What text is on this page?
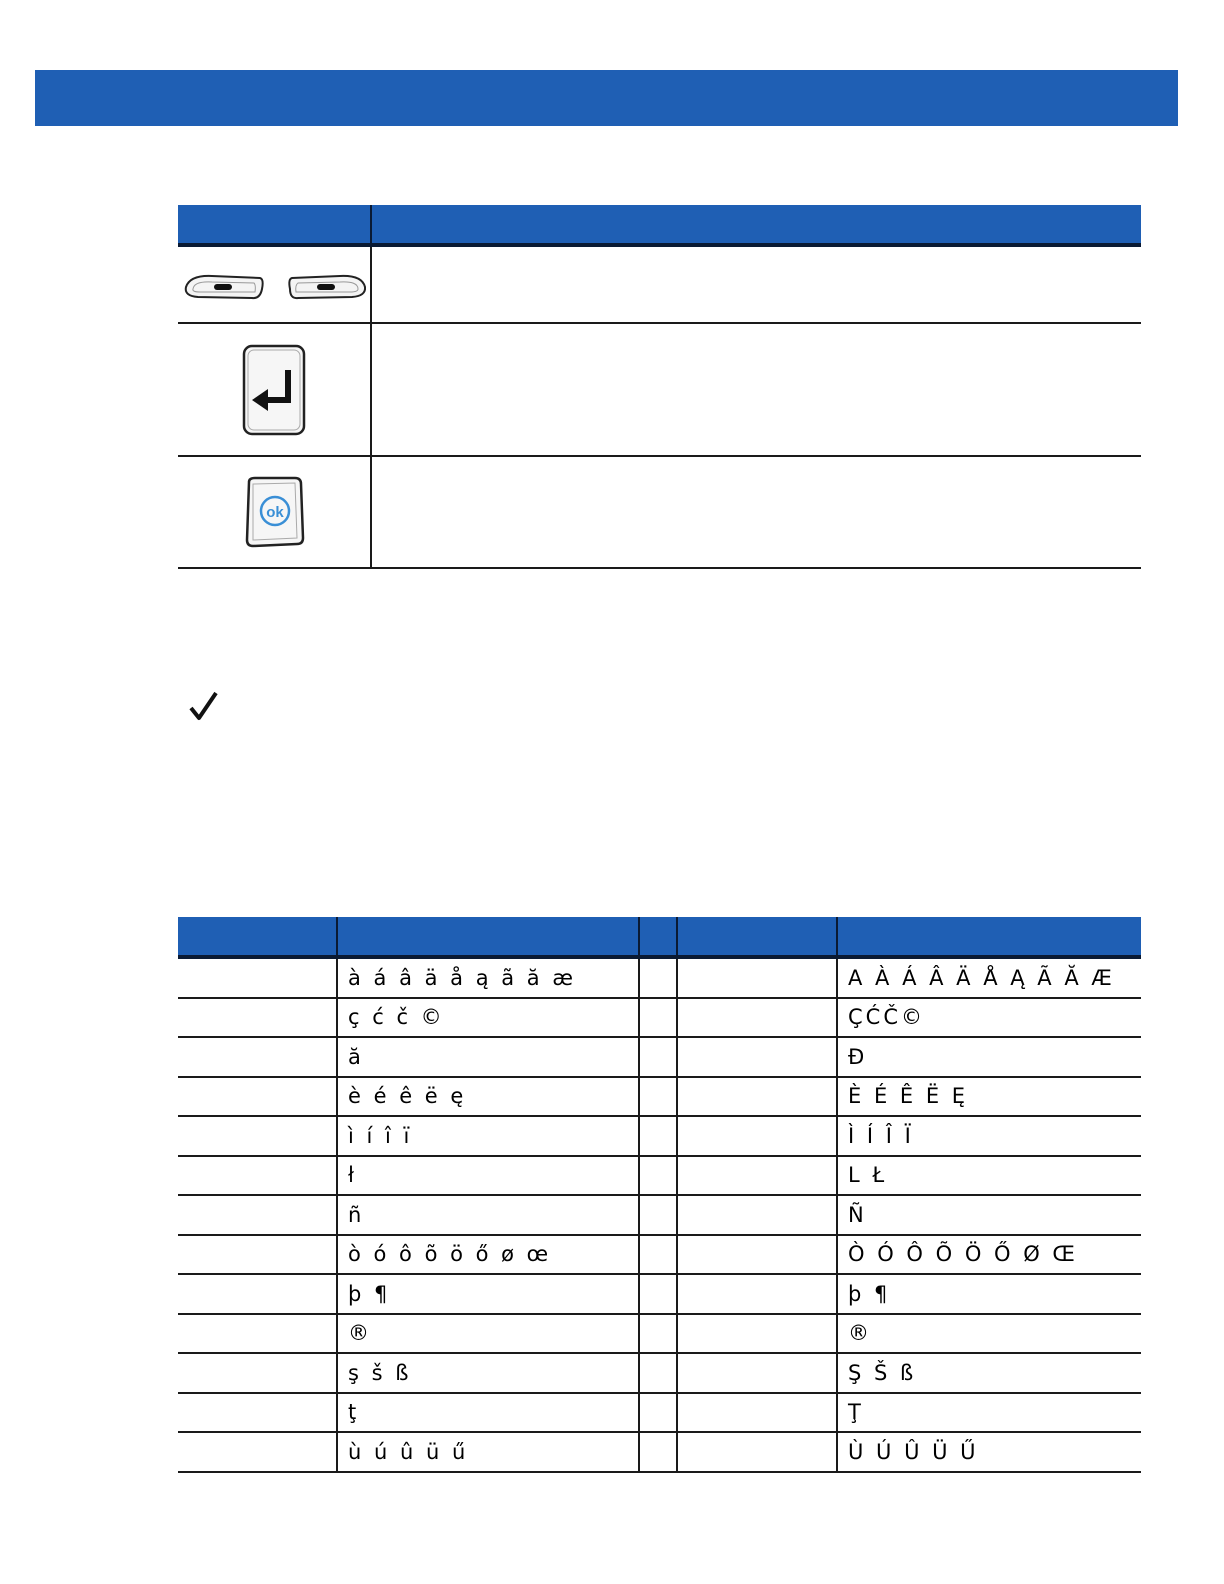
ok
à á â ä å ą ã ă æ	A À Á Â Ä Å Ą Ã Ă Æ
ç ć č ©	ÇĆČ©
ă	Đ
è é ê ë ę	È É Ê Ë Ę
ì í î ï	Ì Í Î Ï
ł	L Ł
ñ	Ñ
ò ó ô õ ö ő ø œ	Ò Ó Ô Õ Ö Ő Ø Œ
þ ¶	þ ¶
®	®
ş š ß	Ş Š ß
ţ	Ţ
ù ú û ü ű	Ù Ú Û Ü Ű
